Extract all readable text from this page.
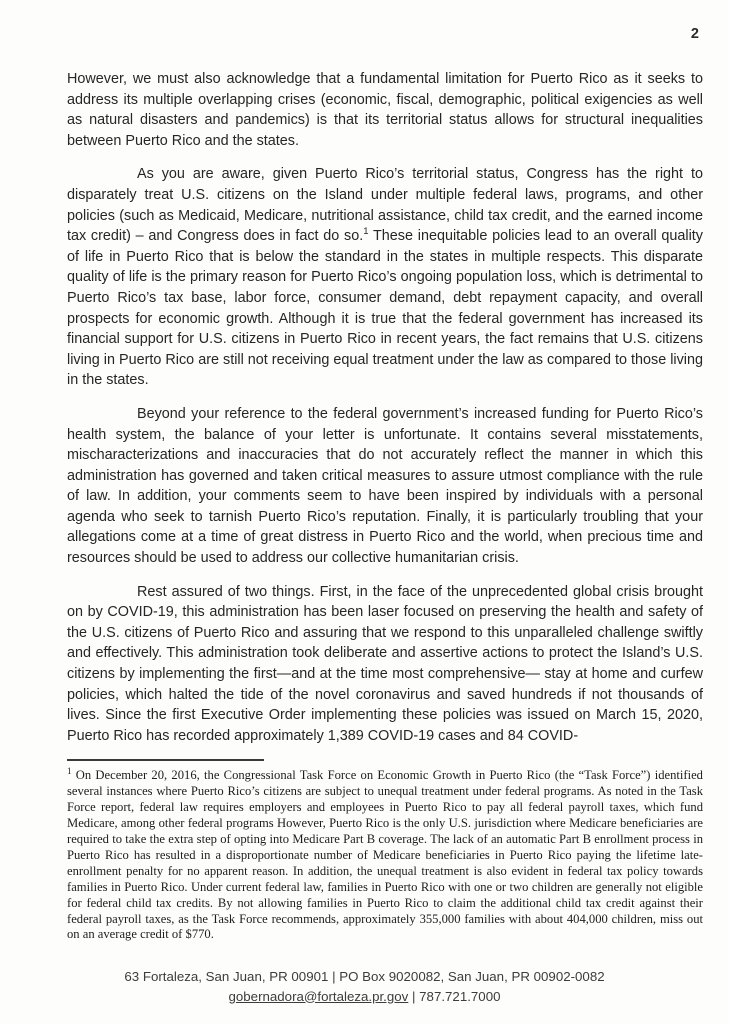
2

However, we must also acknowledge that a fundamental limitation for Puerto Rico as it seeks to address its multiple overlapping crises (economic, fiscal, demographic, political exigencies as well as natural disasters and pandemics) is that its territorial status allows for structural inequalities between Puerto Rico and the states.

As you are aware, given Puerto Rico’s territorial status, Congress has the right to disparately treat U.S. citizens on the Island under multiple federal laws, programs, and other policies (such as Medicaid, Medicare, nutritional assistance, child tax credit, and the earned income tax credit) – and Congress does in fact do so.$^1$ These inequitable policies lead to an overall quality of life in Puerto Rico that is below the standard in the states in multiple respects. This disparate quality of life is the primary reason for Puerto Rico’s ongoing population loss, which is detrimental to Puerto Rico’s tax base, labor force, consumer demand, debt repayment capacity, and overall prospects for economic growth. Although it is true that the federal government has increased its financial support for U.S. citizens in Puerto Rico in recent years, the fact remains that U.S. citizens living in Puerto Rico are still not receiving equal treatment under the law as compared to those living in the states.

Beyond your reference to the federal government’s increased funding for Puerto Rico’s health system, the balance of your letter is unfortunate. It contains several misstatements, mischaracterizations and inaccuracies that do not accurately reflect the manner in which this administration has governed and taken critical measures to assure utmost compliance with the rule of law. In addition, your comments seem to have been inspired by individuals with a personal agenda who seek to tarnish Puerto Rico’s reputation. Finally, it is particularly troubling that your allegations come at a time of great distress in Puerto Rico and the world, when precious time and resources should be used to address our collective humanitarian crisis.

Rest assured of two things. First, in the face of the unprecedented global crisis brought on by COVID-19, this administration has been laser focused on preserving the health and safety of the U.S. citizens of Puerto Rico and assuring that we respond to this unparalleled challenge swiftly and effectively. This administration took deliberate and assertive actions to protect the Island’s U.S. citizens by implementing the first—and at the time most comprehensive— stay at home and curfew policies, which halted the tide of the novel coronavirus and saved hundreds if not thousands of lives. Since the first Executive Order implementing these policies was issued on March 15, 2020, Puerto Rico has recorded approximately 1,389 COVID-19 cases and 84 COVID-

$^1$ On December 20, 2016, the Congressional Task Force on Economic Growth in Puerto Rico (the “Task Force”) identified several instances where Puerto Rico’s citizens are subject to unequal treatment under federal programs. As noted in the Task Force report, federal law requires employers and employees in Puerto Rico to pay all federal payroll taxes, which fund Medicare, among other federal programs However, Puerto Rico is the only U.S. jurisdiction where Medicare beneficiaries are required to take the extra step of opting into Medicare Part B coverage. The lack of an automatic Part B enrollment process in Puerto Rico has resulted in a disproportionate number of Medicare beneficiaries in Puerto Rico paying the lifetime late-enrollment penalty for no apparent reason. In addition, the unequal treatment is also evident in federal tax policy towards families in Puerto Rico. Under current federal law, families in Puerto Rico with one or two children are generally not eligible for federal child tax credits. By not allowing families in Puerto Rico to claim the additional child tax credit against their federal payroll taxes, as the Task Force recommends, approximately 355,000 families with about 404,000 children, miss out on an average credit of $770.
63 Fortaleza, San Juan, PR 00901 | PO Box 9020082, San Juan, PR 00902-0082
gobernadora@fortaleza.pr.gov | 787.721.7000
